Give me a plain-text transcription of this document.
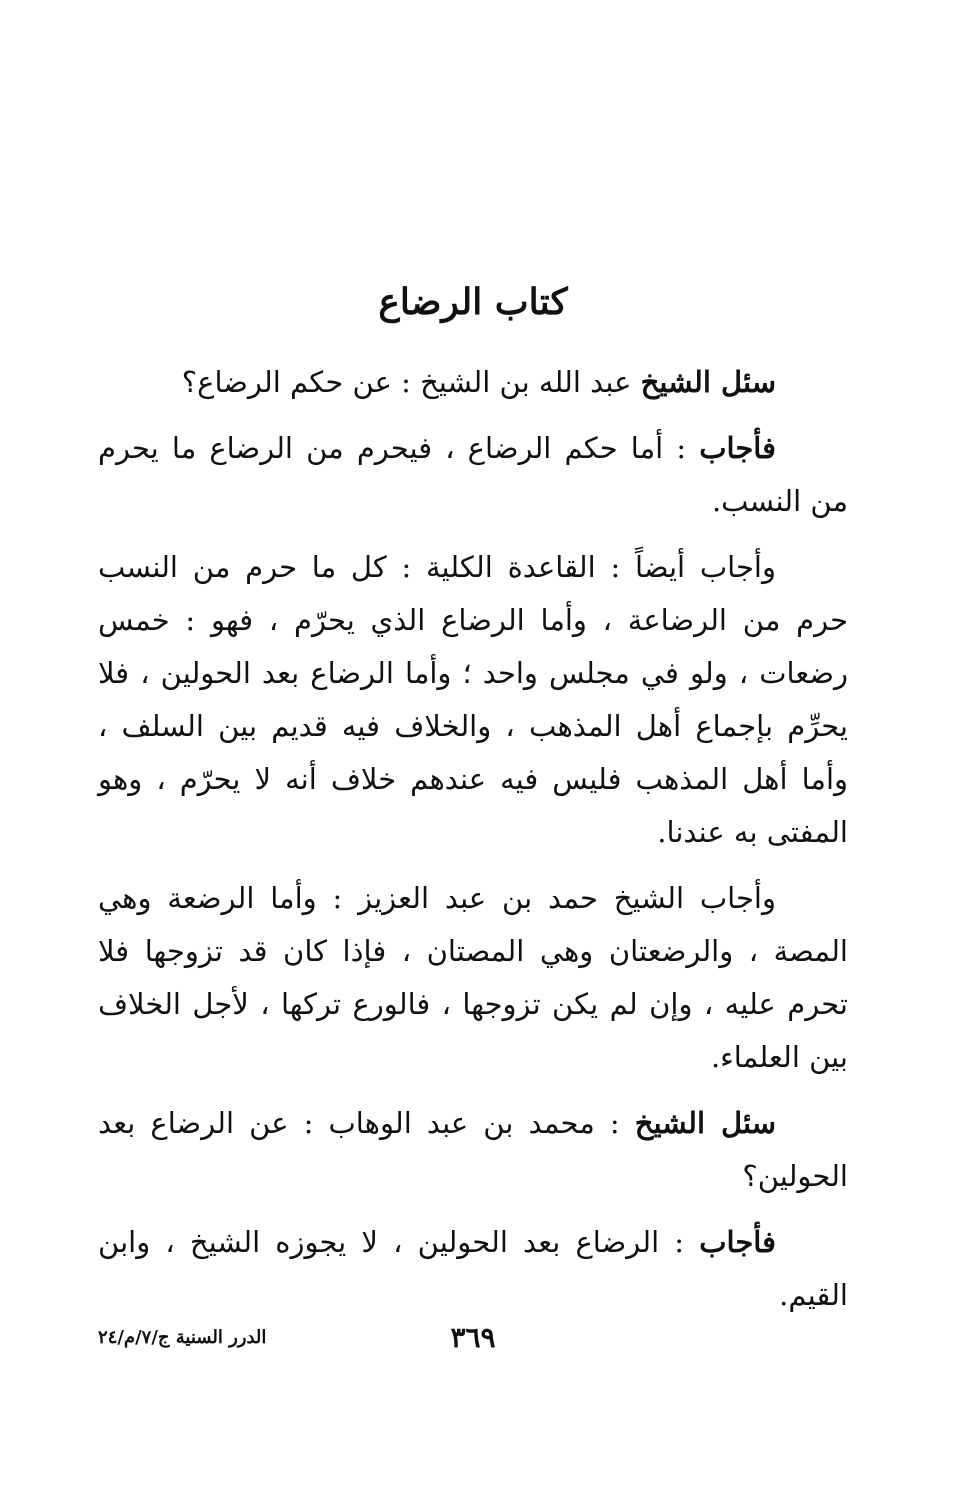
كتاب الرضاع

سئل الشيخ عبد الله بن الشيخ : عن حكم الرضاع؟

فأجاب : أما حكم الرضاع ، فيحرم من الرضاع ما يحرم من النسب.

وأجاب أيضاً : القاعدة الكلية : كل ما حرم من النسب حرم من الرضاعة ، وأما الرضاع الذي يحرّم ، فهو : خمس رضعات ، ولو في مجلس واحد ؛ وأما الرضاع بعد الحولين ، فلا يحرِّم بإجماع أهل المذهب ، والخلاف فيه قديم بين السلف ، وأما أهل المذهب فليس فيه عندهم خلاف أنه لا يحرّم ، وهو المفتى به عندنا.

وأجاب الشيخ حمد بن عبد العزيز : وأما الرضعة وهي المصة ، والرضعتان وهي المصتان ، فإذا كان قد تزوجها فلا تحرم عليه ، وإن لم يكن تزوجها ، فالورع تركها ، لأجل الخلاف بين العلماء.

سئل الشيخ : محمد بن عبد الوهاب : عن الرضاع بعد الحولين؟

فأجاب : الرضاع بعد الحولين ، لا يجوزه الشيخ ، وابن القيم.

٣٦٩
الدرر السنية ج/٧/م/٢٤
